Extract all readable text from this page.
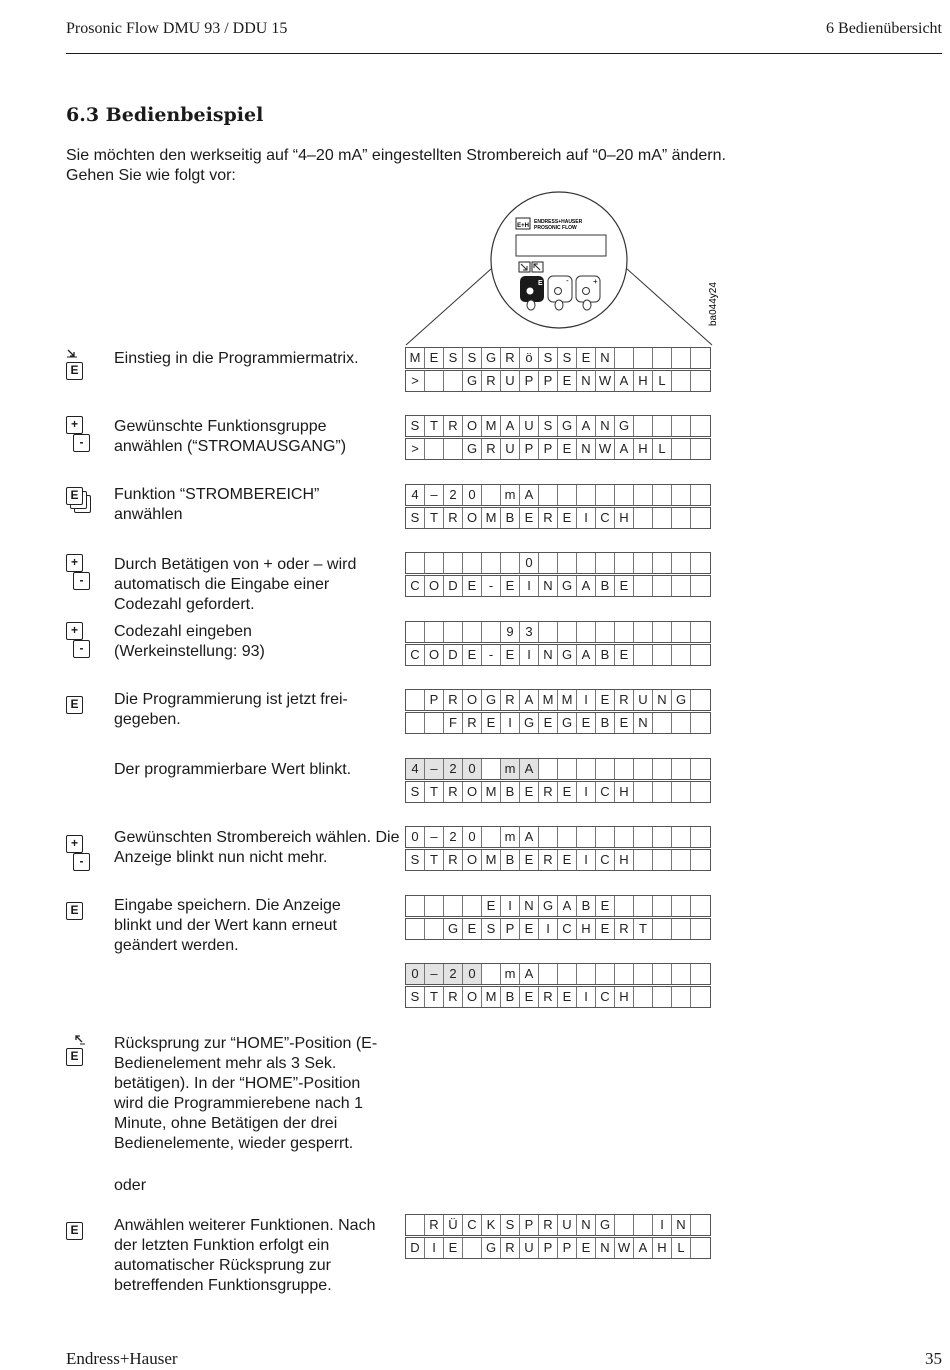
Prosonic Flow DMU 93 / DDU 15	6 Bedienübersicht
6.3 Bedienbeispiel
Sie möchten den werkseitig auf “4–20 mA” eingestellten Strombereich auf “0–20 mA” ändern. Gehen Sie wie folgt vor:
E+H
ENDRESS+HAUSER
PROSONIC FLOW
E	-	+
ba044y24
Einstieg in die Programmiermatrix.
Gewünschte Funktionsgruppe anwählen (“STROMAUSGANG”)
Funktion “STROMBEREICH” anwählen
Durch Betätigen von + oder – wird automatisch die Eingabe einer Codezahl gefordert.
Codezahl eingeben (Werkeinstellung: 93)
Die Programmierung ist jetzt frei-gegeben.
Der programmierbare Wert blinkt.
Gewünschten Strombereich wählen. Die Anzeige blinkt nun nicht mehr.
Eingabe speichern. Die Anzeige blinkt und der Wert kann erneut geändert werden.
Rücksprung zur “HOME”-Position (E-Bedienelement mehr als 3 Sek. betätigen). In der “HOME”-Position wird die Programmierebene nach 1 Minute, ohne Betätigen der drei Bedienelemente, wieder gesperrt.
oder
Anwählen weiterer Funktionen. Nach der letzten Funktion erfolgt ein automatischer Rücksprung zur betreffenden Funktionsgruppe.
E
+
-
E
+
-
+
-
E
+
-
E
E
E
M E S S G R ö S S E N
>	G R U P P E N W A H L
S T R O M A U S G A N G
>	G R U P P E N W A H L
4 – 2 0	m A
S T R O M B E R E I C H
0
C O D E - E I N G A B E
9 3
C O D E - E I N G A B E
P R O G R A M M I E R U N G
F R E I G E G E B E N
4 – 2 0	m A
S T R O M B E R E I C H
0 – 2 0	m A
S T R O M B E R E I C H
E I N G A B E
G E S P E I C H E R T
0 – 2 0	m A
S T R O M B E R E I C H
R Ü C K S P R U N G	I N
D I E	G R U P P E N W A H L
Endress+Hauser	35
